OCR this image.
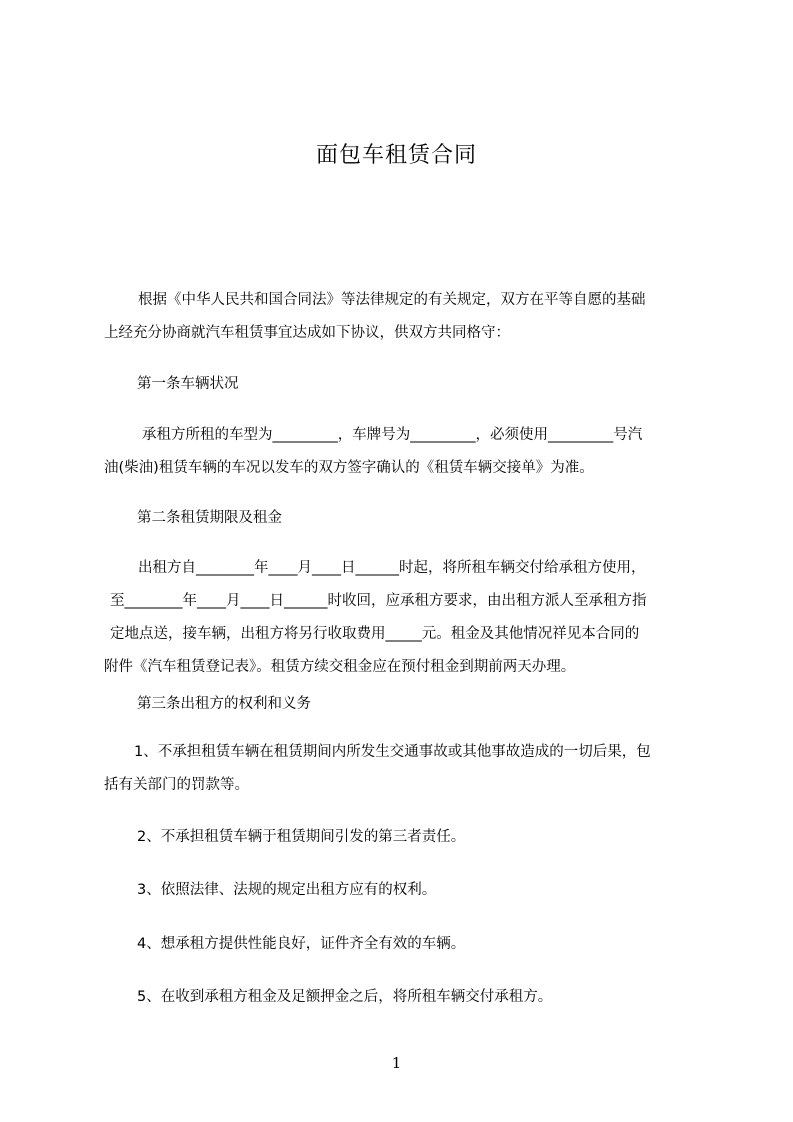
面包车租赁合同
根据《中华人民共和国合同法》等法律规定的有关规定，双方在平等自愿的基础
上经充分协商就汽车租赁事宜达成如下协议，供双方共同格守：
第一条车辆状况
承租方所租的车型为_________，车牌号为_________，必须使用_________号汽
油(柴油)租赁车辆的车况以发车的双方签字确认的《租赁车辆交接单》为准。
第二条租赁期限及租金
出租方自________年____月____日______时起，将所租车辆交付给承租方使用，
至________年____月____日______时收回，应承租方要求，由出租方派人至承租方指
定地点送，接车辆，出租方将另行收取费用_____元。租金及其他情况祥见本合同的
附件《汽车租赁登记表》。租赁方续交租金应在预付租金到期前两天办理。
第三条出租方的权利和义务
1、不承担租赁车辆在租赁期间内所发生交通事故或其他事故造成的一切后果，包
括有关部门的罚款等。
2、不承担租赁车辆于租赁期间引发的第三者责任。
3、依照法律、法规的规定出租方应有的权利。
4、想承租方提供性能良好，证件齐全有效的车辆。
5、在收到承租方租金及足额押金之后，将所租车辆交付承租方。
1
